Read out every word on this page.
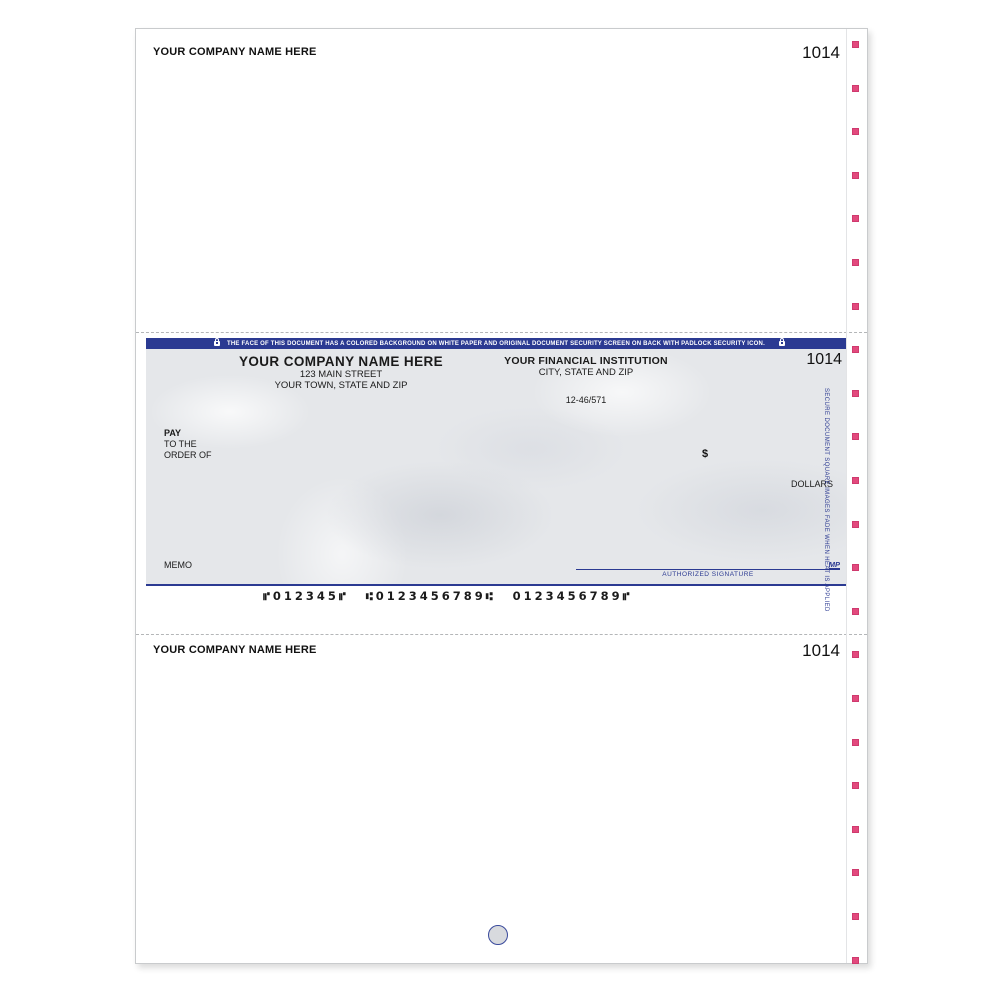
YOUR COMPANY NAME HERE	1014
THE FACE OF THIS DOCUMENT HAS A COLORED BACKGROUND ON WHITE PAPER AND ORIGINAL DOCUMENT SECURITY SCREEN ON BACK WITH PADLOCK SECURITY ICON.
YOUR COMPANY NAME HERE
123 MAIN STREET
YOUR TOWN, STATE AND ZIP
YOUR FINANCIAL INSTITUTION
CITY, STATE AND ZIP
12-46/571
1014
PAY
TO THE
ORDER OF	$
DOLLARS
MEMO	SECURE DOCUMENT SQUARE IMAGES FADE WHEN HEAT IS APPLIED MP
AUTHORIZED SIGNATURE
⑈012345⑈ ⑆0123456789⑆ 0123456789⑈
YOUR COMPANY NAME HERE	1014
